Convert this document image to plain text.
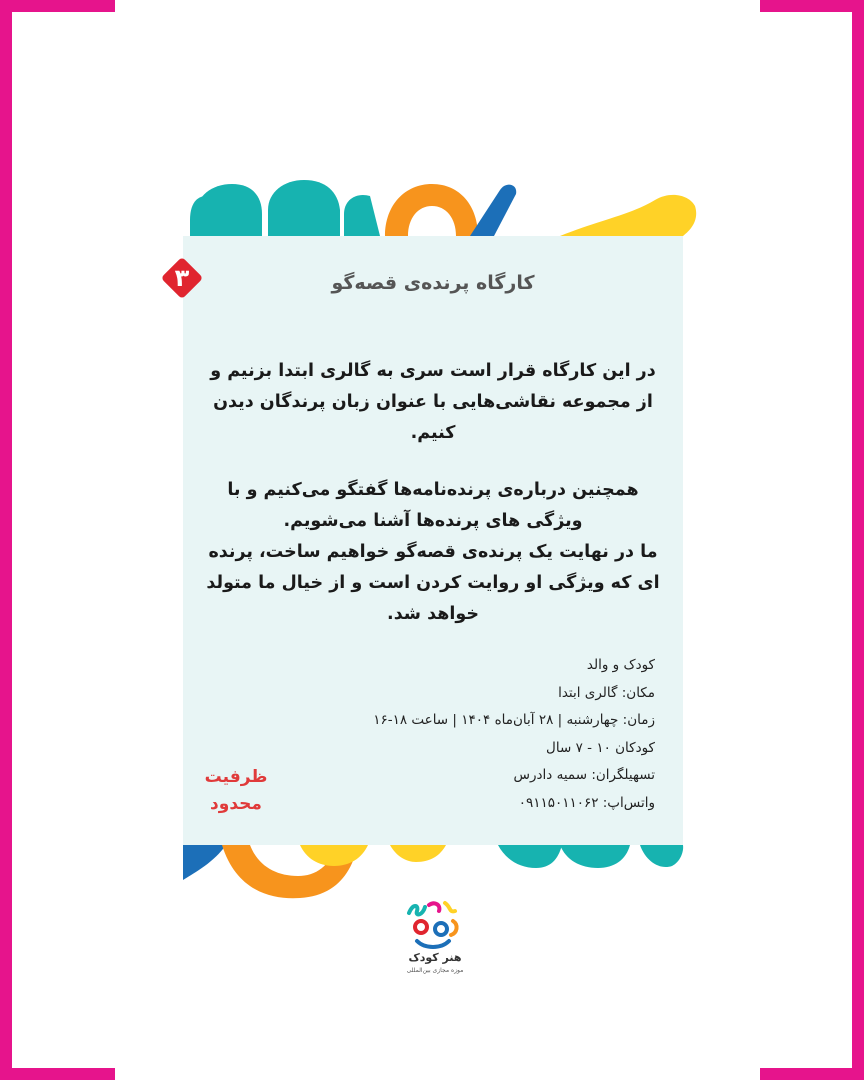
۳	کارگاه پرنده‌ی قصه‌گو

در این کارگاه قرار است سری به گالری ابتدا بزنیم و از مجموعه نقاشی‌هایی با عنوان زبان پرندگان دیدن کنیم.

همچنین درباره‌ی پرنده‌نامه‌ها گفتگو می‌کنیم و با ویژگی های پرنده‌ها آشنا می‌شویم.

ما در نهایت یک پرنده‌ی قصه‌گو خواهیم ساخت، پرنده ای که ویژگی او روایت کردن است و از خیال ما متولد خواهد شد.

کودک و والد
مکان: گالری ابتدا
زمان: چهارشنبه | ۲۸ آبان‌ماه ۱۴۰۴ | ساعت ۱۸-۱۶
کودکان ۱۰ - ۷ سال
تسهیلگران: سمیه دادرس
واتس‌اپ: ۰۹۱۱۵۰۱۱۰۶۲
ظرفیت
محدود
هنر کودک
موزه مجازی بین‌المللی
